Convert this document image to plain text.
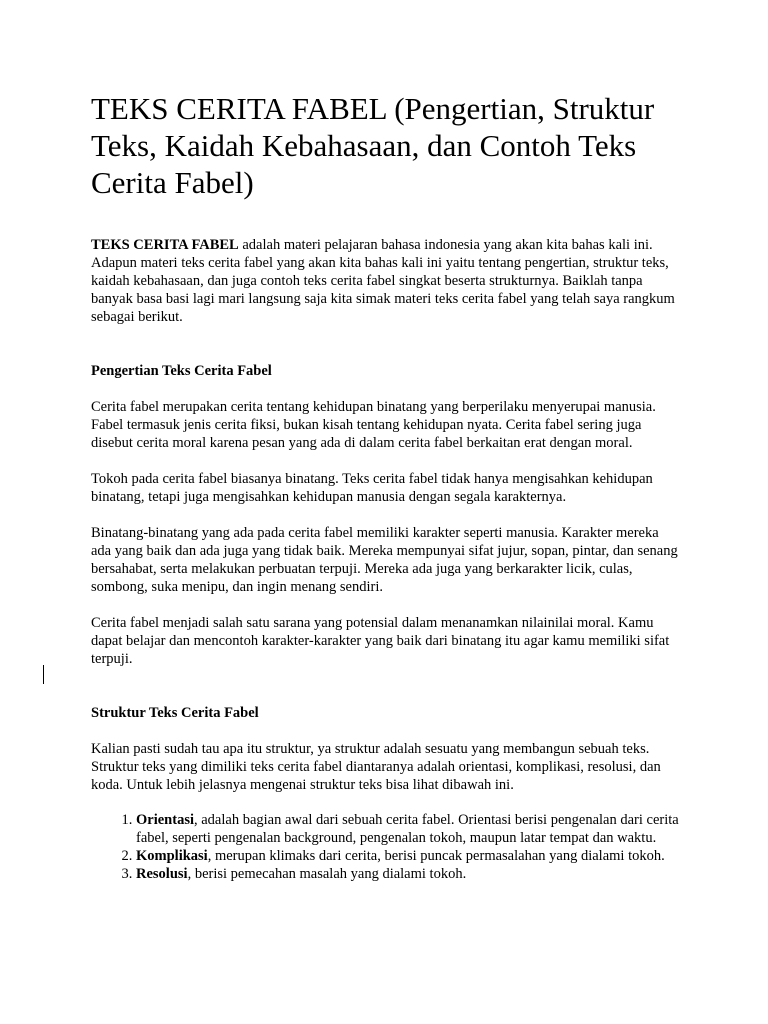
TEKS CERITA FABEL (Pengertian, Struktur Teks, Kaidah Kebahasaan, dan Contoh Teks Cerita Fabel)

TEKS CERITA FABEL adalah materi pelajaran bahasa indonesia yang akan kita bahas kali ini. Adapun materi teks cerita fabel yang akan kita bahas kali ini yaitu tentang pengertian, struktur teks, kaidah kebahasaan, dan juga contoh teks cerita fabel singkat beserta strukturnya. Baiklah tanpa banyak basa basi lagi mari langsung saja kita simak materi teks cerita fabel yang telah saya rangkum sebagai berikut.

Pengertian Teks Cerita Fabel

Cerita fabel merupakan cerita tentang kehidupan binatang yang berperilaku menyerupai manusia. Fabel termasuk jenis cerita fiksi, bukan kisah tentang kehidupan nyata. Cerita fabel sering juga disebut cerita moral karena pesan yang ada di dalam cerita fabel berkaitan erat dengan moral.

Tokoh pada cerita fabel biasanya binatang. Teks cerita fabel tidak hanya mengisahkan kehidupan binatang, tetapi juga mengisahkan kehidupan manusia dengan segala karakternya.

Binatang-binatang yang ada pada cerita fabel memiliki karakter seperti manusia. Karakter mereka ada yang baik dan ada juga yang tidak baik. Mereka mempunyai sifat jujur, sopan, pintar, dan senang bersahabat, serta melakukan perbuatan terpuji. Mereka ada juga yang berkarakter licik, culas, sombong, suka menipu, dan ingin menang sendiri.

Cerita fabel menjadi salah satu sarana yang potensial dalam menanamkan nilainilai moral. Kamu dapat belajar dan mencontoh karakter-karakter yang baik dari binatang itu agar kamu memiliki sifat terpuji.

Struktur Teks Cerita Fabel

Kalian pasti sudah tau apa itu struktur, ya struktur adalah sesuatu yang membangun sebuah teks. Struktur teks yang dimiliki teks cerita fabel diantaranya adalah orientasi, komplikasi, resolusi, dan koda. Untuk lebih jelasnya mengenai struktur teks bisa lihat dibawah ini.

1. Orientasi, adalah bagian awal dari sebuah cerita fabel. Orientasi berisi pengenalan dari cerita fabel, seperti pengenalan background, pengenalan tokoh, maupun latar tempat dan waktu.
2. Komplikasi, merupan klimaks dari cerita, berisi puncak permasalahan yang dialami tokoh.
3. Resolusi, berisi pemecahan masalah yang dialami tokoh.
